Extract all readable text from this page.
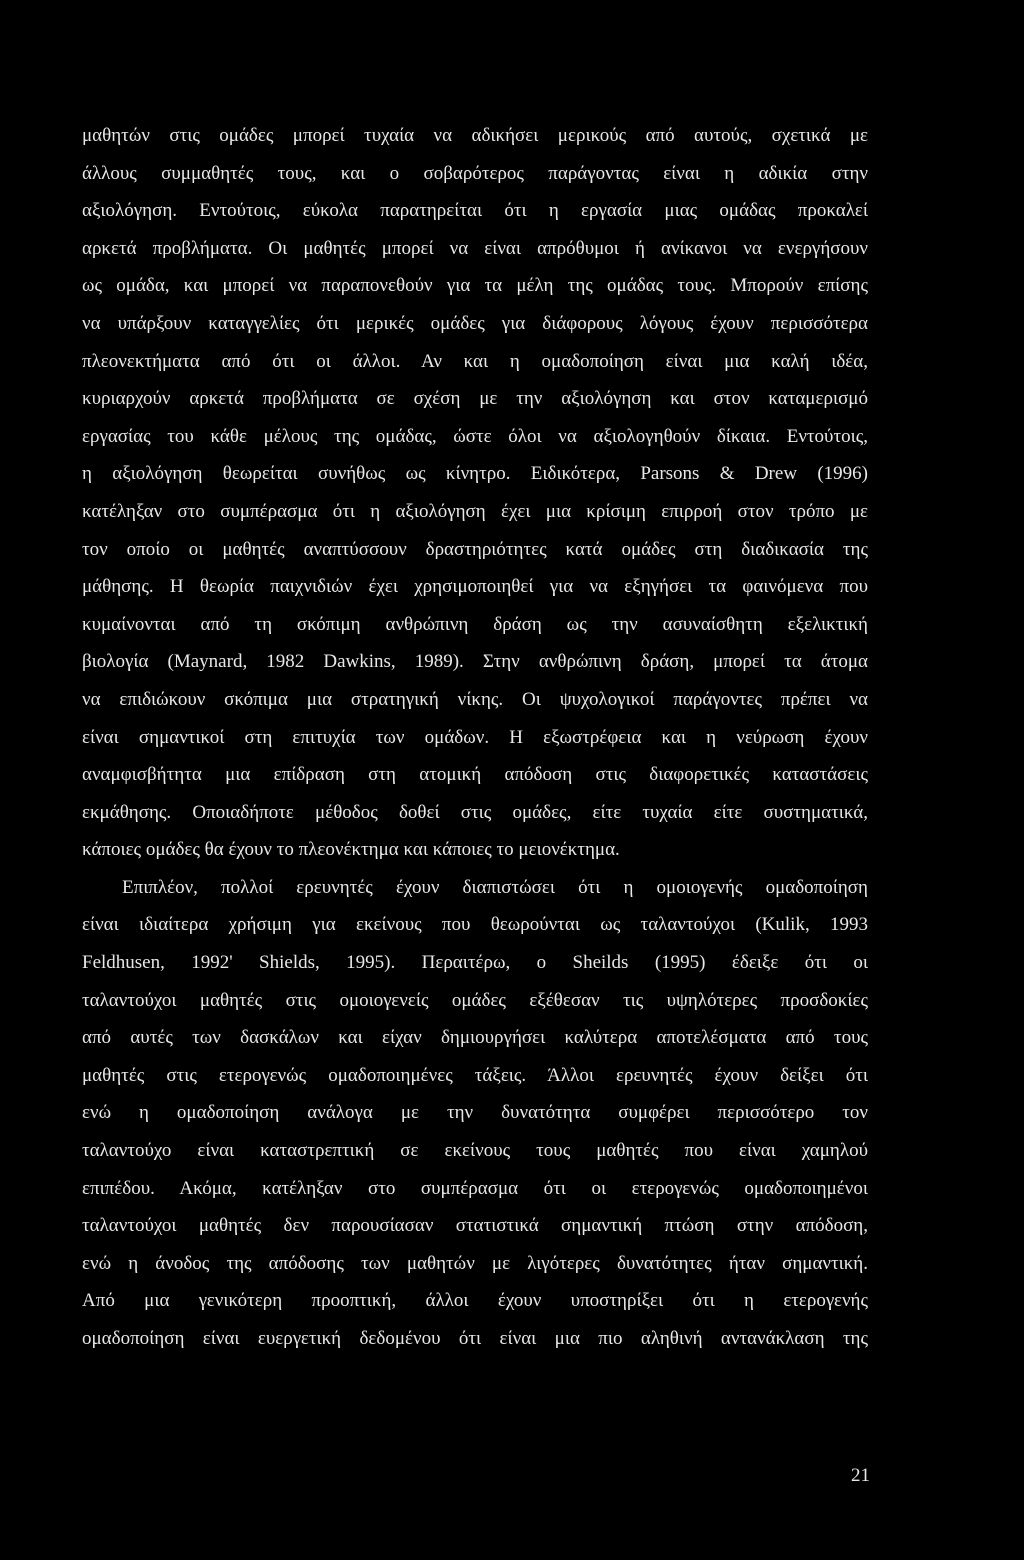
μαθητών στις ομάδες μπορεί τυχαία να αδικήσει μερικούς από αυτούς, σχετικά με
άλλους συμμαθητές τους, και ο σοβαρότερος παράγοντας είναι η αδικία στην
αξιολόγηση. Εντούτοις, εύκολα παρατηρείται ότι η εργασία μιας ομάδας προκαλεί
αρκετά προβλήματα. Οι μαθητές μπορεί να είναι απρόθυμοι ή ανίκανοι να ενεργήσουν
ως ομάδα, και μπορεί να παραπονεθούν για τα μέλη της ομάδας τους. Μπορούν επίσης
να υπάρξουν καταγγελίες ότι μερικές ομάδες για διάφορους λόγους έχουν περισσότερα
πλεονεκτήματα από ότι οι άλλοι. Αν και η ομαδοποίηση είναι μια καλή ιδέα,
κυριαρχούν αρκετά προβλήματα σε σχέση με την αξιολόγηση και στον καταμερισμό
εργασίας του κάθε μέλους της ομάδας, ώστε όλοι να αξιολογηθούν δίκαια. Εντούτοις,
η αξιολόγηση θεωρείται συνήθως ως κίνητρο. Ειδικότερα, Parsons & Drew (1996)
κατέληξαν στο συμπέρασμα ότι η αξιολόγηση έχει μια κρίσιμη επιρροή στον τρόπο με
τον οποίο οι μαθητές αναπτύσσουν δραστηριότητες κατά ομάδες στη διαδικασία της
μάθησης. Η θεωρία παιχνιδιών έχει χρησιμοποιηθεί για να εξηγήσει τα φαινόμενα που
κυμαίνονται από τη σκόπιμη ανθρώπινη δράση ως την ασυναίσθητη εξελικτική
βιολογία (Maynard, 1982 Dawkins, 1989). Στην ανθρώπινη δράση, μπορεί τα άτομα
να επιδιώκουν σκόπιμα μια στρατηγική νίκης. Οι ψυχολογικοί παράγοντες πρέπει να
είναι σημαντικοί στη επιτυχία των ομάδων. Η εξωστρέφεια και η νεύρωση έχουν
αναμφισβήτητα μια επίδραση στη ατομική απόδοση στις διαφορετικές καταστάσεις
εκμάθησης. Οποιαδήποτε μέθοδος δοθεί στις ομάδες, είτε τυχαία είτε συστηματικά,
κάποιες ομάδες θα έχουν το πλεονέκτημα και κάποιες το μειονέκτημα.
Επιπλέον, πολλοί ερευνητές έχουν διαπιστώσει ότι η ομοιογενής ομαδοποίηση
είναι ιδιαίτερα χρήσιμη για εκείνους που θεωρούνται ως ταλαντούχοι (Kulik, 1993
Feldhusen, 1992' Shields, 1995). Περαιτέρω, ο Sheilds (1995) έδειξε ότι οι
ταλαντούχοι μαθητές στις ομοιογενείς ομάδες εξέθεσαν τις υψηλότερες προσδοκίες
από αυτές των δασκάλων και είχαν δημιουργήσει καλύτερα αποτελέσματα από τους
μαθητές στις ετερογενώς ομαδοποιημένες τάξεις. Άλλοι ερευνητές έχουν δείξει ότι
ενώ η ομαδοποίηση ανάλογα με την δυνατότητα συμφέρει περισσότερο τον
ταλαντούχο είναι καταστρεπτική σε εκείνους τους μαθητές που είναι χαμηλού
επιπέδου. Ακόμα, κατέληξαν στο συμπέρασμα ότι οι ετερογενώς ομαδοποιημένοι
ταλαντούχοι μαθητές δεν παρουσίασαν στατιστικά σημαντική πτώση στην απόδοση,
ενώ η άνοδος της απόδοσης των μαθητών με λιγότερες δυνατότητες ήταν σημαντική.
Από μια γενικότερη προοπτική, άλλοι έχουν υποστηρίξει ότι η ετερογενής
ομαδοποίηση είναι ευεργετική δεδομένου ότι είναι μια πιο αληθινή αντανάκλαση της
21
